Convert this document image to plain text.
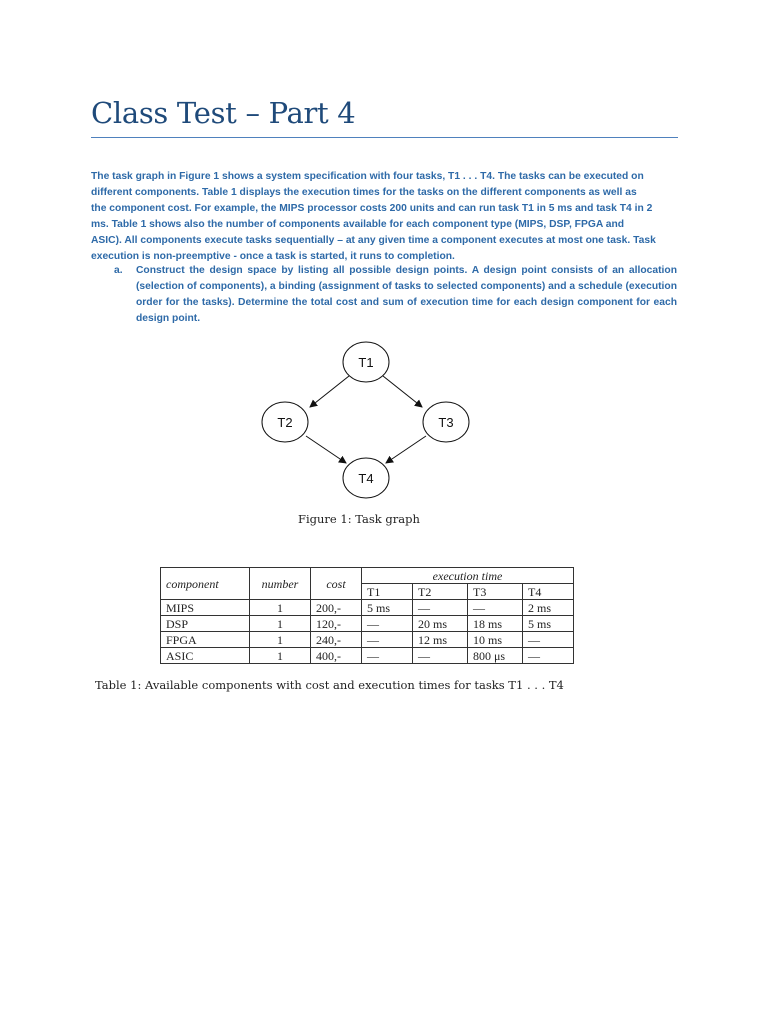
Class Test – Part 4

The task graph in Figure 1 shows a system specification with four tasks, T1 . . . T4. The tasks can be executed on
different components. Table 1 displays the execution times for the tasks on the different components as well as
the component cost. For example, the MIPS processor costs 200 units and can run task T1 in 5 ms and task T4 in 2
ms. Table 1 shows also the number of components available for each component type (MIPS, DSP, FPGA and
ASIC). All components execute tasks sequentially – at any given time a component executes at most one task. Task
execution is non-preemptive - once a task is started, it runs to completion.

a. Construct the design space by listing all possible design points. A design point consists of an allocation (selection of components), a binding (assignment of tasks to selected components) and a schedule (execution order for the tasks). Determine the total cost and sum of execution time for each design component for each design point.

T1
T2	T3
T4
Figure 1: Task graph
component	number	cost	execution time			
			T1	T2	T3	T4
MIPS	1	200,-	5 ms	—	—	2 ms
DSP	1	120,-	—	20 ms	18 ms	5 ms
FPGA	1	240,-	—	12 ms	10 ms	—
ASIC	1	400,-	—	—	800 μs	—
Table 1: Available components with cost and execution times for tasks T1 . . . T4
